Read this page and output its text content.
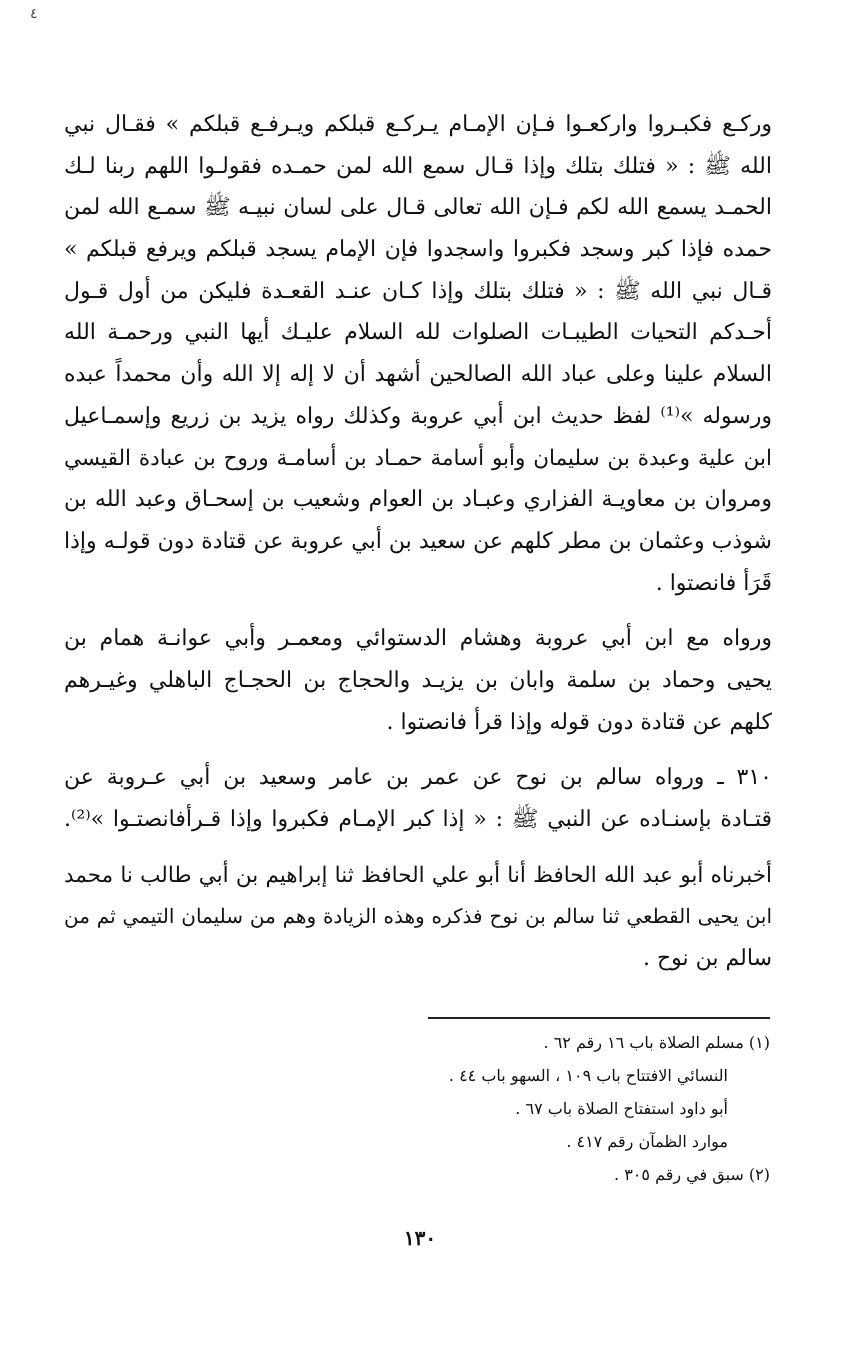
٤
وركـع فكبـروا واركعـوا فـإن الإمـام يـركـع قبلكم ويـرفـع قبلكم » فقـال نبي
الله ﷺ : « فتلك بتلك وإذا قـال سمع الله لمن حمـده فقولـوا اللهم ربنا لـك
الحمـد يسمع الله لكم فـإن الله تعالى قـال على لسان نبيـه ﷺ سمـع الله لمن
حمده فإذا كبر وسجد فكبروا واسجدوا فإن الإمام يسجد قبلكم ويرفع قبلكم »
قـال نبي الله ﷺ : « فتلك بتلك وإذا كـان عنـد القعـدة فليكن من أول قـول
أحـدكم التحيات الطيبـات الصلوات لله السلام عليـك أيها النبي ورحمـة الله
السلام علينا وعلى عباد الله الصالحين أشهد أن لا إله إلا الله وأن محمداً عبده
ورسوله »⁽¹⁾ لفظ حديث ابن أبي عروبة وكذلك رواه يزيد بن زريع وإسمـاعيل
ابن علية وعبدة بن سليمان وأبو أسامة حمـاد بن أسامـة وروح بن عبادة القيسي
ومروان بن معاويـة الفزاري وعبـاد بن العوام وشعيب بن إسحـاق وعبد الله بن
شوذب وعثمان بن مطر كلهم عن سعيد بن أبي عروبة عن قتادة دون قولـه وإذا
قَرَأ فانصتوا .
ورواه مع ابن أبي عروبة وهشام الدستوائي ومعمـر وأبي عوانـة همام بن
يحيى وحماد بن سلمة وابان بن يزيـد والحجاج بن الحجـاج الباهلي وغيـرهم
كلهم عن قتادة دون قوله وإذا قرأ فانصتوا .
٣١٠ ـ ورواه سالم بن نوح عن عمر بن عامر وسعيد بن أبي عـروبة عن
قتـادة بإسنـاده عن النبي ﷺ : « إذا كبر الإمـام فكبروا وإذا قـرأفانصتـوا »⁽²⁾.
أخبرناه أبو عبد الله الحافظ أنا أبو علي الحافظ ثنا إبراهيم بن أبي طالب نا محمد
ابن يحيى القطعي ثنا سالم بن نوح فذكره وهذه الزيادة وهم من سليمان التيمي ثم من
سالم بن نوح .
(١) مسلم الصلاة باب ١٦ رقم ٦٢ .
النسائي الافتتاح باب ١٠٩ ، السهو باب ٤٤ .
أبو داود استفتاح الصلاة باب ٦٧ .
موارد الظمآن رقم ٤١٧ .
(٢) سبق في رقم ٣٠٥ .
١٣٠
